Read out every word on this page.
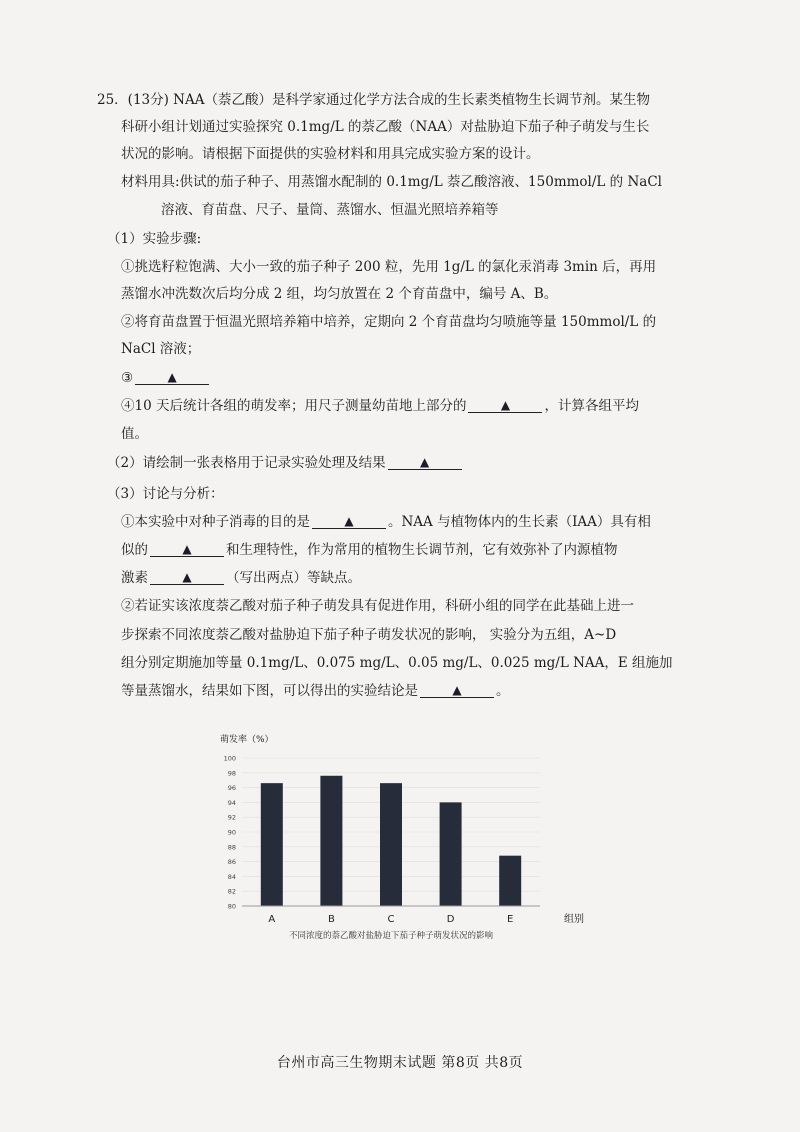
25．(13分) NAA（萘乙酸）是科学家通过化学方法合成的生长素类植物生长调节剂。某生物
科研小组计划通过实验探究 0.1mg/L 的萘乙酸（NAA）对盐胁迫下茄子种子萌发与生长
状况的影响。请根据下面提供的实验材料和用具完成实验方案的设计。
材料用具:供试的茄子种子、用蒸馏水配制的 0.1mg/L 萘乙酸溶液、150mmol/L 的 NaCl
溶液、育苗盘、尺子、量筒、蒸馏水、恒温光照培养箱等
（1）实验步骤:
①挑选籽粒饱满、大小一致的茄子种子 200 粒，先用 1g/L 的氯化汞消毒 3min 后，再用
蒸馏水冲洗数次后均分成 2 组，均匀放置在 2 个育苗盘中，编号 A、B。
②将育苗盘置于恒温光照培养箱中培养，定期向 2 个育苗盘均匀喷施等量 150mmol/L 的
NaCl 溶液；
③	▲
④10 天后统计各组的萌发率；用尺子测量幼苗地上部分的	▲	，计算各组平均
值。
（2）请绘制一张表格用于记录实验处理及结果	▲
（3）讨论与分析：
①本实验中对种子消毒的目的是	▲	。NAA 与植物体内的生长素（IAA）具有相
似的	▲	和生理特性，作为常用的植物生长调节剂，它有效弥补了内源植物
激素	▲	（写出两点）等缺点。
②若证实该浓度萘乙酸对茄子种子萌发具有促进作用，科研小组的同学在此基础上进一
步探索不同浓度萘乙酸对盐胁迫下茄子种子萌发状况的影响， 实验分为五组，A~D
组分别定期施加等量 0.1mg/L、0.075 mg/L、0.05 mg/L、0.025 mg/L NAA，E 组施加
等量蒸馏水，结果如下图，可以得出的实验结论是	▲	。
萌发率（%）
80
82
84
86
88
90
92
94
96
98
100
A	B	C	D	E	组别
不同浓度的萘乙酸对盐胁迫下茄子种子萌发状况的影响
台州市高三生物期末试题 第8页 共8页
